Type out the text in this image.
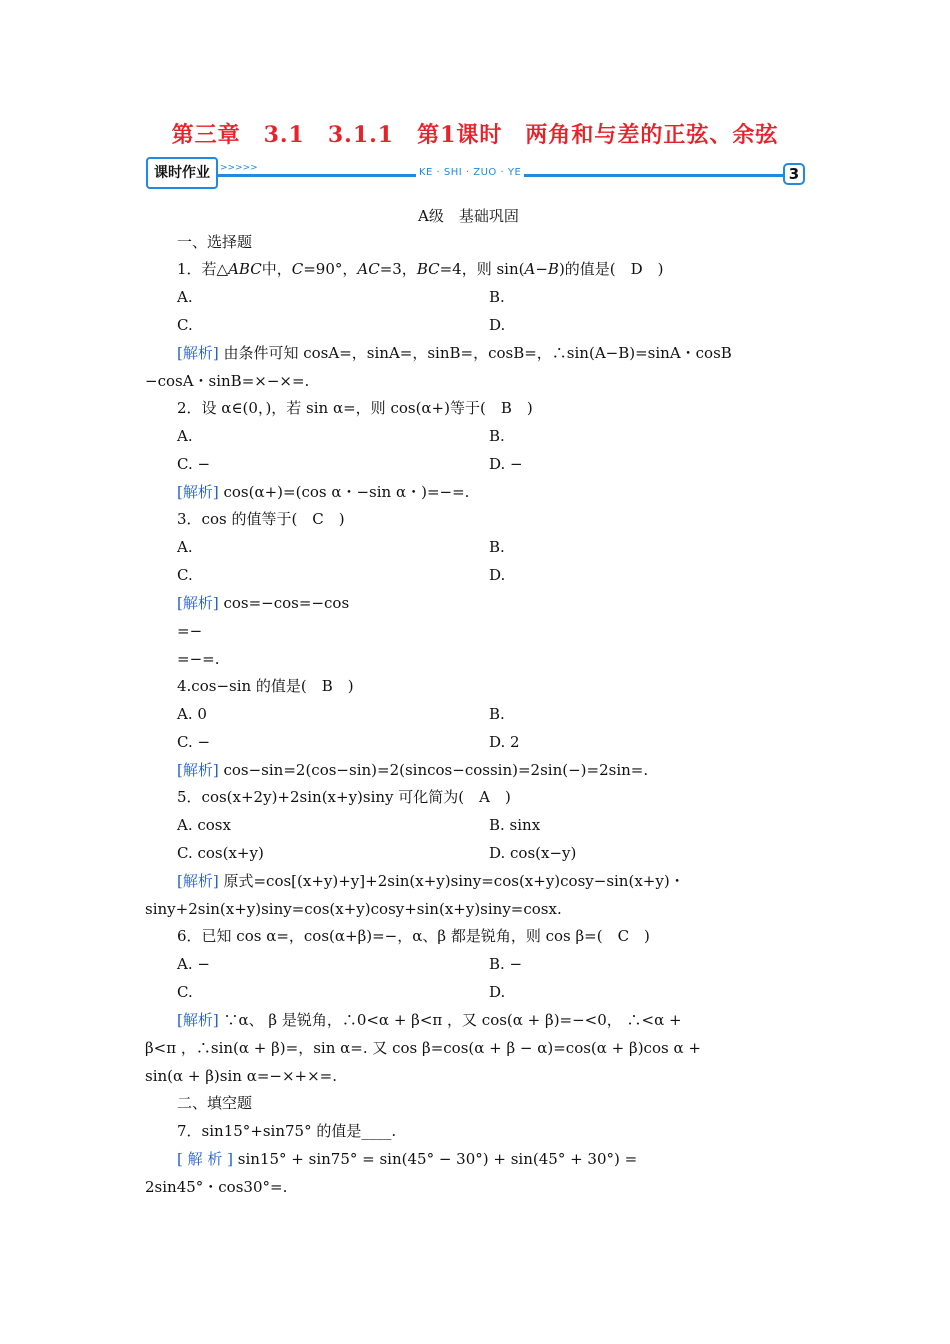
第三章　3.1　3.1.1　第1课时　两角和与差的正弦、余弦
课时作业	>>>>>	KE · SHI · ZUO · YE	3
A级　基础巩固
一、选择题
1．若△ABC中，C=90°，AC=3，BC=4，则 sin(A−B)的值是(　D　)
A.	B.
C.	D.
[解析] 由条件可知 cosA=，sinA=，sinB=，cosB=，∴sin(A−B)=sinA・cosB
−cosA・sinB=×−×=.
2．设 α∈(0，)，若 sin α=，则 cos(α+)等于(　B　)
A.	B.
C. −	D. −
[解析] cos(α+)=(cos α・−sin α・)=−=.
3．cos 的值等于(　C　)
A.	B.
C.	D.
[解析] cos=−cos=−cos
=−
=−=.
4.cos−sin 的值是(　B　)
A. 0	B.
C. −	D. 2
[解析] cos−sin=2(cos−sin)=2(sincos−cossin)=2sin(−)=2sin=.
5．cos(x+2y)+2sin(x+y)siny 可化简为(　A　)
A. cosx	B. sinx
C. cos(x+y)	D. cos(x−y)
[解析] 原式=cos[(x+y)+y]+2sin(x+y)siny=cos(x+y)cosy−sin(x+y)・
siny+2sin(x+y)siny=cos(x+y)cosy+sin(x+y)siny=cosx.
6．已知 cos α=，cos(α+β)=−，α、β 都是锐角，则 cos β=(　C　)
A. −	B. −
C.	D.
[解析] ∵α、 β 是锐角，∴0<α + β<π ，又 cos(α + β)=−<0， ∴<α +
β<π ，∴sin(α + β)=，sin α=. 又 cos β=cos(α + β − α)=cos(α + β)cos α +
sin(α + β)sin α=−×+×=.
二、填空题
7．sin15°+sin75° 的值是____.
[ 解 析 ] sin15° + sin75° = sin(45° − 30°) + sin(45° + 30°) =
2sin45°・cos30°=.
